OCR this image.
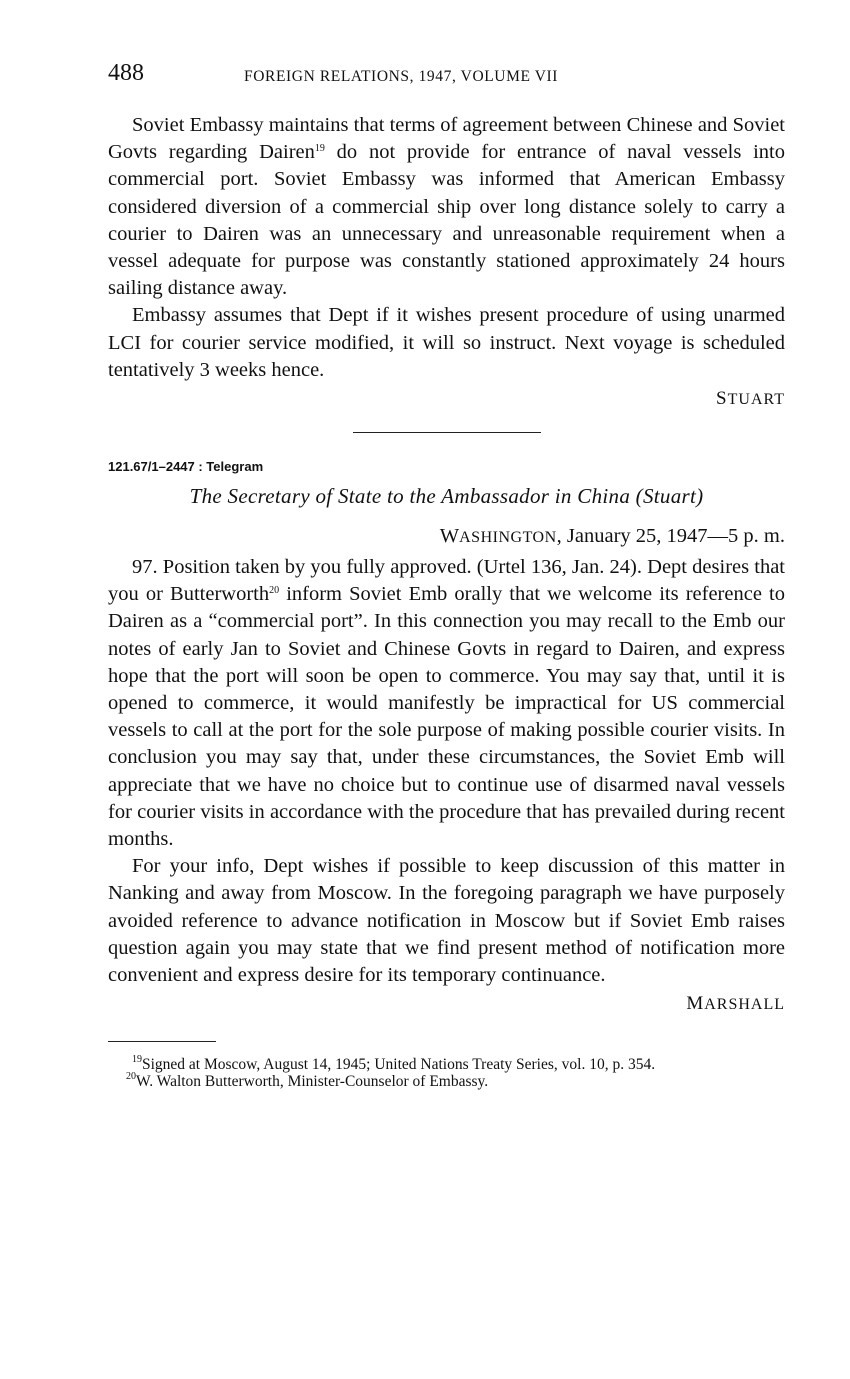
488	FOREIGN RELATIONS, 1947, VOLUME VII

Soviet Embassy maintains that terms of agreement between Chinese and Soviet Govts regarding Dairen$^{19}$ do not provide for entrance of naval vessels into commercial port. Soviet Embassy was informed that American Embassy considered diversion of a commercial ship over long distance solely to carry a courier to Dairen was an unnecessary and unreasonable requirement when a vessel adequate for purpose was constantly stationed approximately 24 hours sailing distance away.

Embassy assumes that Dept if it wishes present procedure of using unarmed LCI for courier service modified, it will so instruct. Next voyage is scheduled tentatively 3 weeks hence.

STUART

121.67/1–2447 : Telegram
The Secretary of State to the Ambassador in China (Stuart)
WASHINGTON, January 25, 1947—5 p. m.

97. Position taken by you fully approved. (Urtel 136, Jan. 24). Dept desires that you or Butterworth$^{20}$ inform Soviet Emb orally that we welcome its reference to Dairen as a “commercial port”. In this connection you may recall to the Emb our notes of early Jan to Soviet and Chinese Govts in regard to Dairen, and express hope that the port will soon be open to commerce. You may say that, until it is opened to commerce, it would manifestly be impractical for US commercial vessels to call at the port for the sole purpose of making possible courier visits. In conclusion you may say that, under these circumstances, the Soviet Emb will appreciate that we have no choice but to continue use of disarmed naval vessels for courier visits in accordance with the procedure that has prevailed during recent months.

For your info, Dept wishes if possible to keep discussion of this matter in Nanking and away from Moscow. In the foregoing paragraph we have purposely avoided reference to advance notification in Moscow but if Soviet Emb raises question again you may state that we find present method of notification more convenient and express desire for its temporary continuance.

MARSHALL

$^{19}$Signed at Moscow, August 14, 1945; United Nations Treaty Series, vol. 10, p. 354.

$^{20}$W. Walton Butterworth, Minister-Counselor of Embassy.
